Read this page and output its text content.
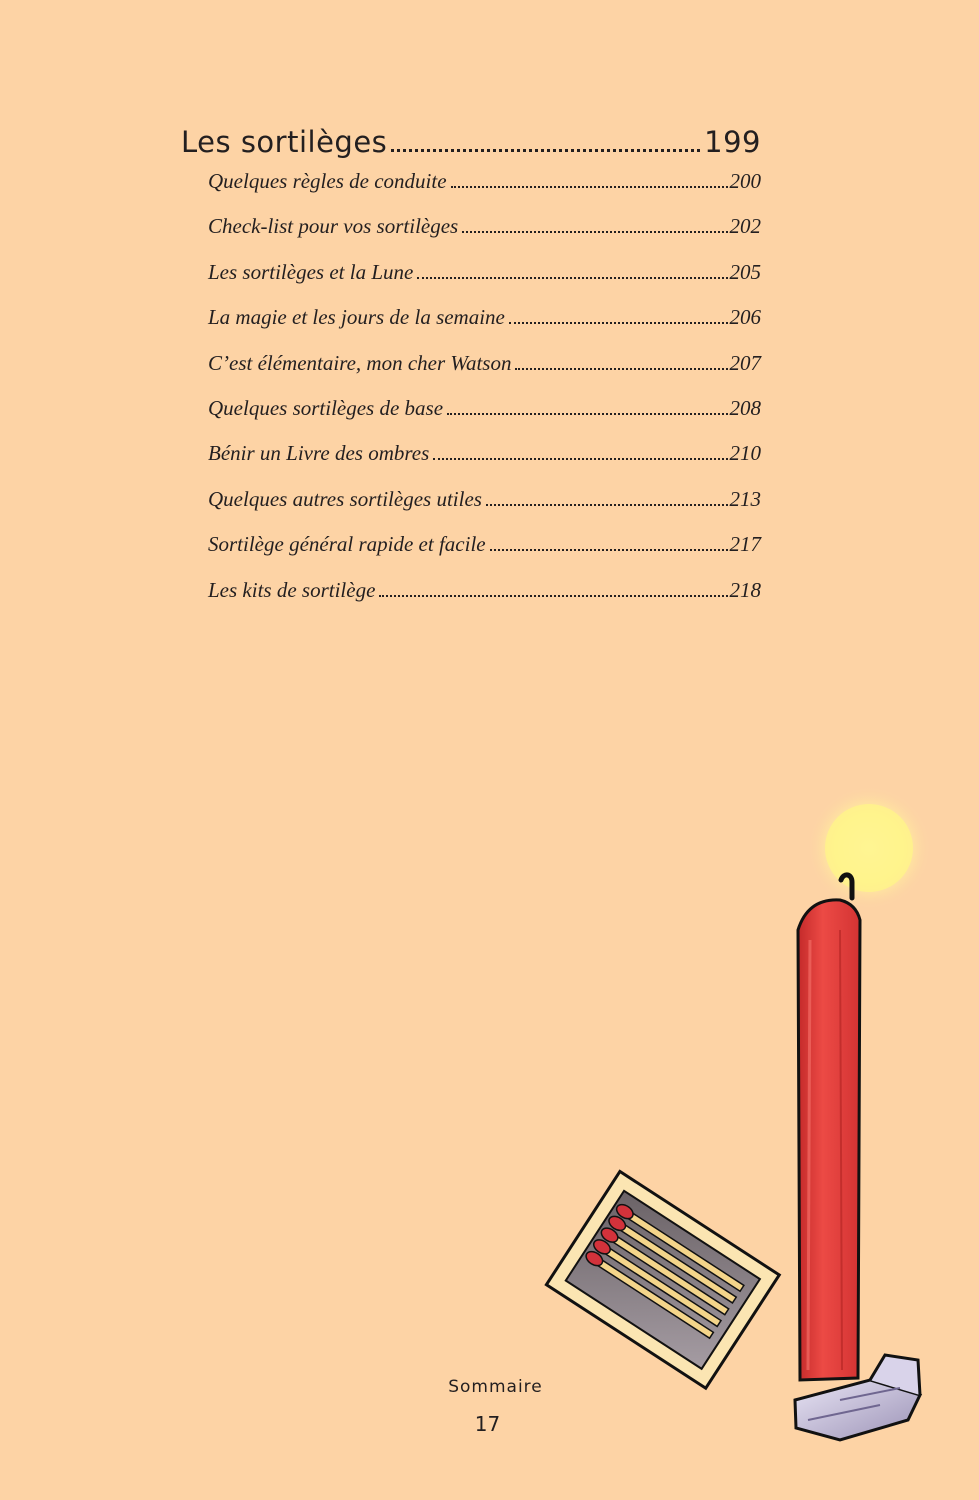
Les sortilèges	199
Quelques règles de conduite	200
Check-list pour vos sortilèges	202
Les sortilèges et la Lune	205
La magie et les jours de la semaine	206
C’est élémentaire, mon cher Watson	207
Quelques sortilèges de base	208
Bénir un Livre des ombres	210
Quelques autres sortilèges utiles	213
Sortilège général rapide et facile	217
Les kits de sortilège	218
Sommaire
17
